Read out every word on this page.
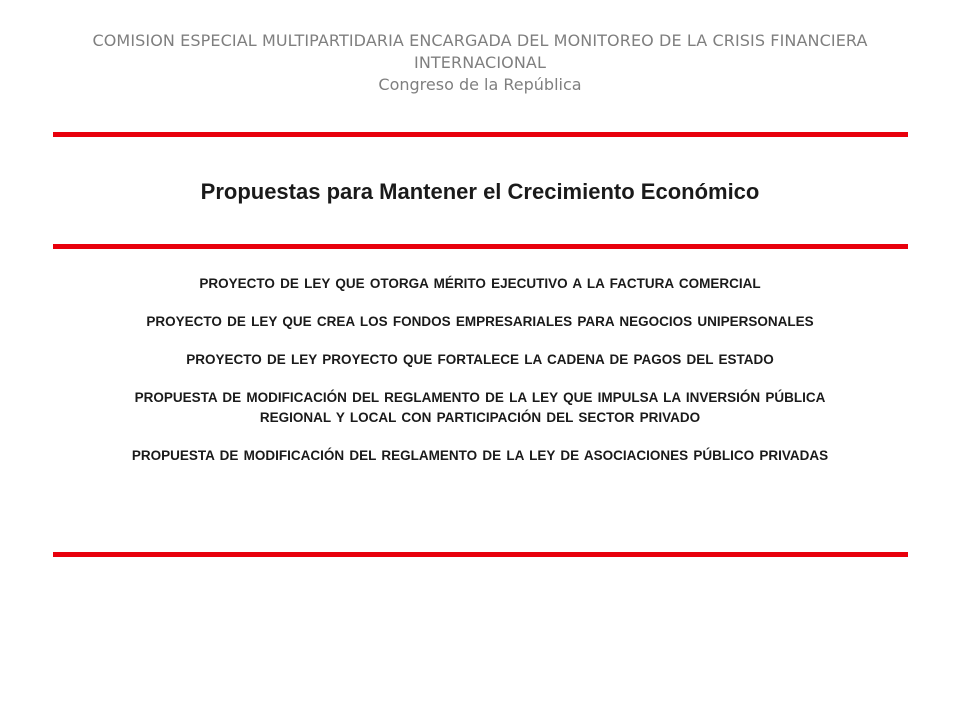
COMISION ESPECIAL MULTIPARTIDARIA ENCARGADA DEL MONITOREO DE LA CRISIS FINANCIERA INTERNACIONAL
Congreso de la República
Propuestas para Mantener el Crecimiento Económico
PROYECTO DE LEY QUE OTORGA MÉRITO EJECUTIVO A LA FACTURA COMERCIAL
PROYECTO DE LEY QUE CREA LOS FONDOS EMPRESARIALES PARA NEGOCIOS UNIPERSONALES
PROYECTO DE LEY PROYECTO QUE FORTALECE LA CADENA DE PAGOS DEL ESTADO
PROPUESTA DE MODIFICACIÓN DEL REGLAMENTO DE LA LEY QUE IMPULSA LA INVERSIÓN PÚBLICA REGIONAL Y LOCAL CON PARTICIPACIÓN DEL SECTOR PRIVADO
PROPUESTA DE MODIFICACIÓN DEL REGLAMENTO DE LA LEY DE ASOCIACIONES PÚBLICO PRIVADAS
